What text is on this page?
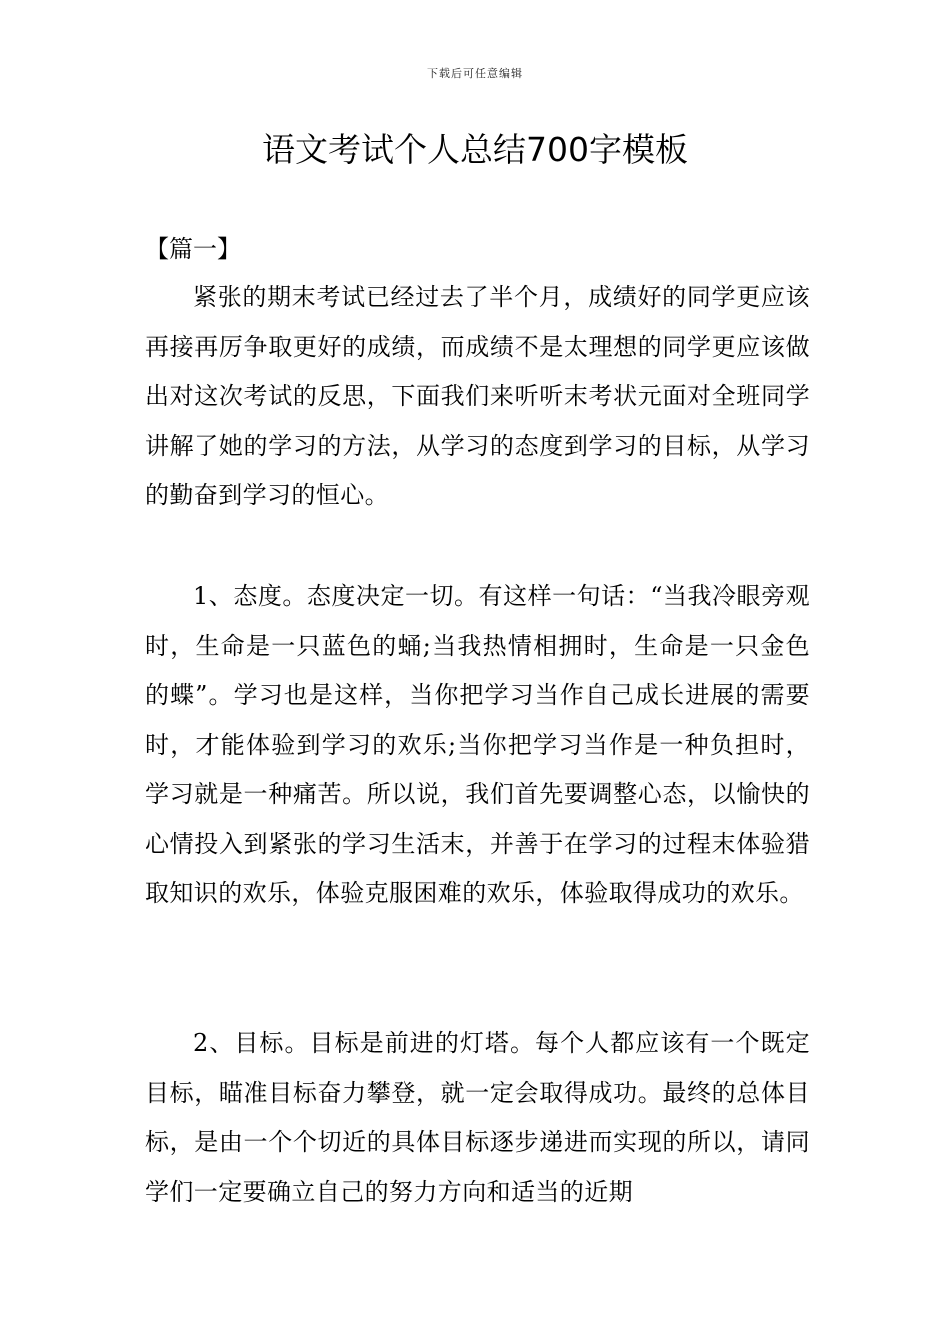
下载后可任意编辑
语文考试个人总结700字模板

【篇一】

紧张的期末考试已经过去了半个月，成绩好的同学更应该再接再厉争取更好的成绩，而成绩不是太理想的同学更应该做出对这次考试的反思，下面我们来听听末考状元面对全班同学讲解了她的学习的方法，从学习的态度到学习的目标，从学习的勤奋到学习的恒心。

1、态度。态度决定一切。有这样一句话：“当我冷眼旁观时，生命是一只蓝色的蛹;当我热情相拥时，生命是一只金色的蝶”。学习也是这样，当你把学习当作自己成长进展的需要时，才能体验到学习的欢乐;当你把学习当作是一种负担时，学习就是一种痛苦。所以说，我们首先要调整心态，以愉快的心情投入到紧张的学习生活末，并善于在学习的过程末体验猎取知识的欢乐，体验克服困难的欢乐，体验取得成功的欢乐。

2、目标。目标是前进的灯塔。每个人都应该有一个既定目标，瞄准目标奋力攀登，就一定会取得成功。最终的总体目标，是由一个个切近的具体目标逐步递进而实现的所以，请同学们一定要确立自己的努力方向和适当的近期
